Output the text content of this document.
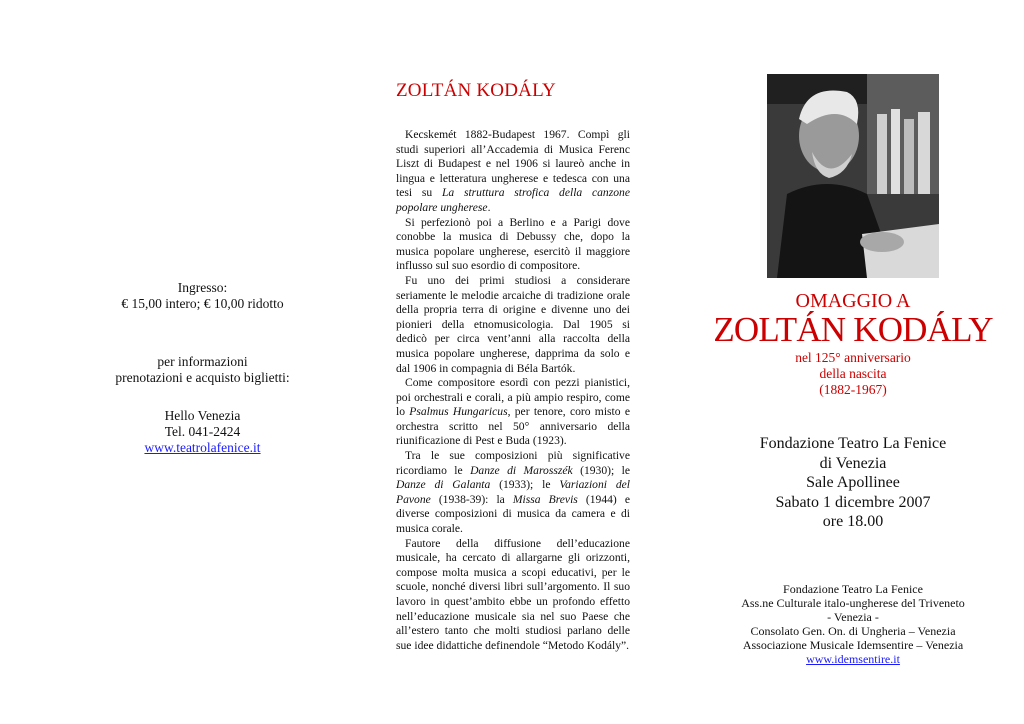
Ingresso:
€ 15,00 intero; € 10,00 ridotto
per informazioni
prenotazioni e acquisto biglietti:
Hello Venezia
Tel. 041-2424
www.teatrolafenice.it
ZOLTÁN KODÁLY

Kecskemét 1882-Budapest 1967. Compì gli studi superiori all’Accademia di Musica Ferenc Liszt di Budapest e nel 1906 si laureò anche in lingua e letteratura ungherese e tedesca con una tesi su La struttura strofica della canzone popolare ungherese.

Si perfezionò poi a Berlino e a Parigi dove conobbe la musica di Debussy che, dopo la musica popolare ungherese, esercitò il maggiore influsso sul suo esordio di compositore.

Fu uno dei primi studiosi a considerare seriamente le melodie arcaiche di tradizione orale della propria terra di origine e divenne uno dei pionieri della etnomusicologia. Dal 1905 si dedicò per circa vent’anni alla raccolta della musica popolare ungherese, dapprima da solo e dal 1906 in compagnia di Béla Bartók.

Come compositore esordì con pezzi pianistici, poi orchestrali e corali, a più ampio respiro, come lo Psalmus Hungaricus, per tenore, coro misto e orchestra scritto nel 50° anniversario della riunificazione di Pest e Buda (1923).

Tra le sue composizioni più significative ricordiamo le Danze di Marosszék (1930); le Danze di Galanta (1933); le Variazioni del Pavone (1938-39): la Missa Brevis (1944) e diverse composizioni di musica da camera e di musica corale.

Fautore della diffusione dell’educazione musicale, ha cercato di allargarne gli orizzonti, compose molta musica a scopi educativi, per le scuole, nonché diversi libri sull’argomento. Il suo lavoro in quest’ambito ebbe un profondo effetto nell’educazione musicale sia nel suo Paese che all’estero tanto che molti studiosi parlano delle sue idee didattiche definendole “Metodo Kodály”.

OMAGGIO A
ZOLTÁN KODÁLY
nel 125° anniversario
della nascita
(1882-1967)
Fondazione Teatro La Fenice
di Venezia
Sale Apollinee
Sabato 1 dicembre 2007
ore 18.00
Fondazione Teatro La Fenice
Ass.ne Culturale italo-ungherese del Triveneto
- Venezia -
Consolato Gen. On. di Ungheria – Venezia
Associazione Musicale Idemsentire – Venezia
www.idemsentire.it
